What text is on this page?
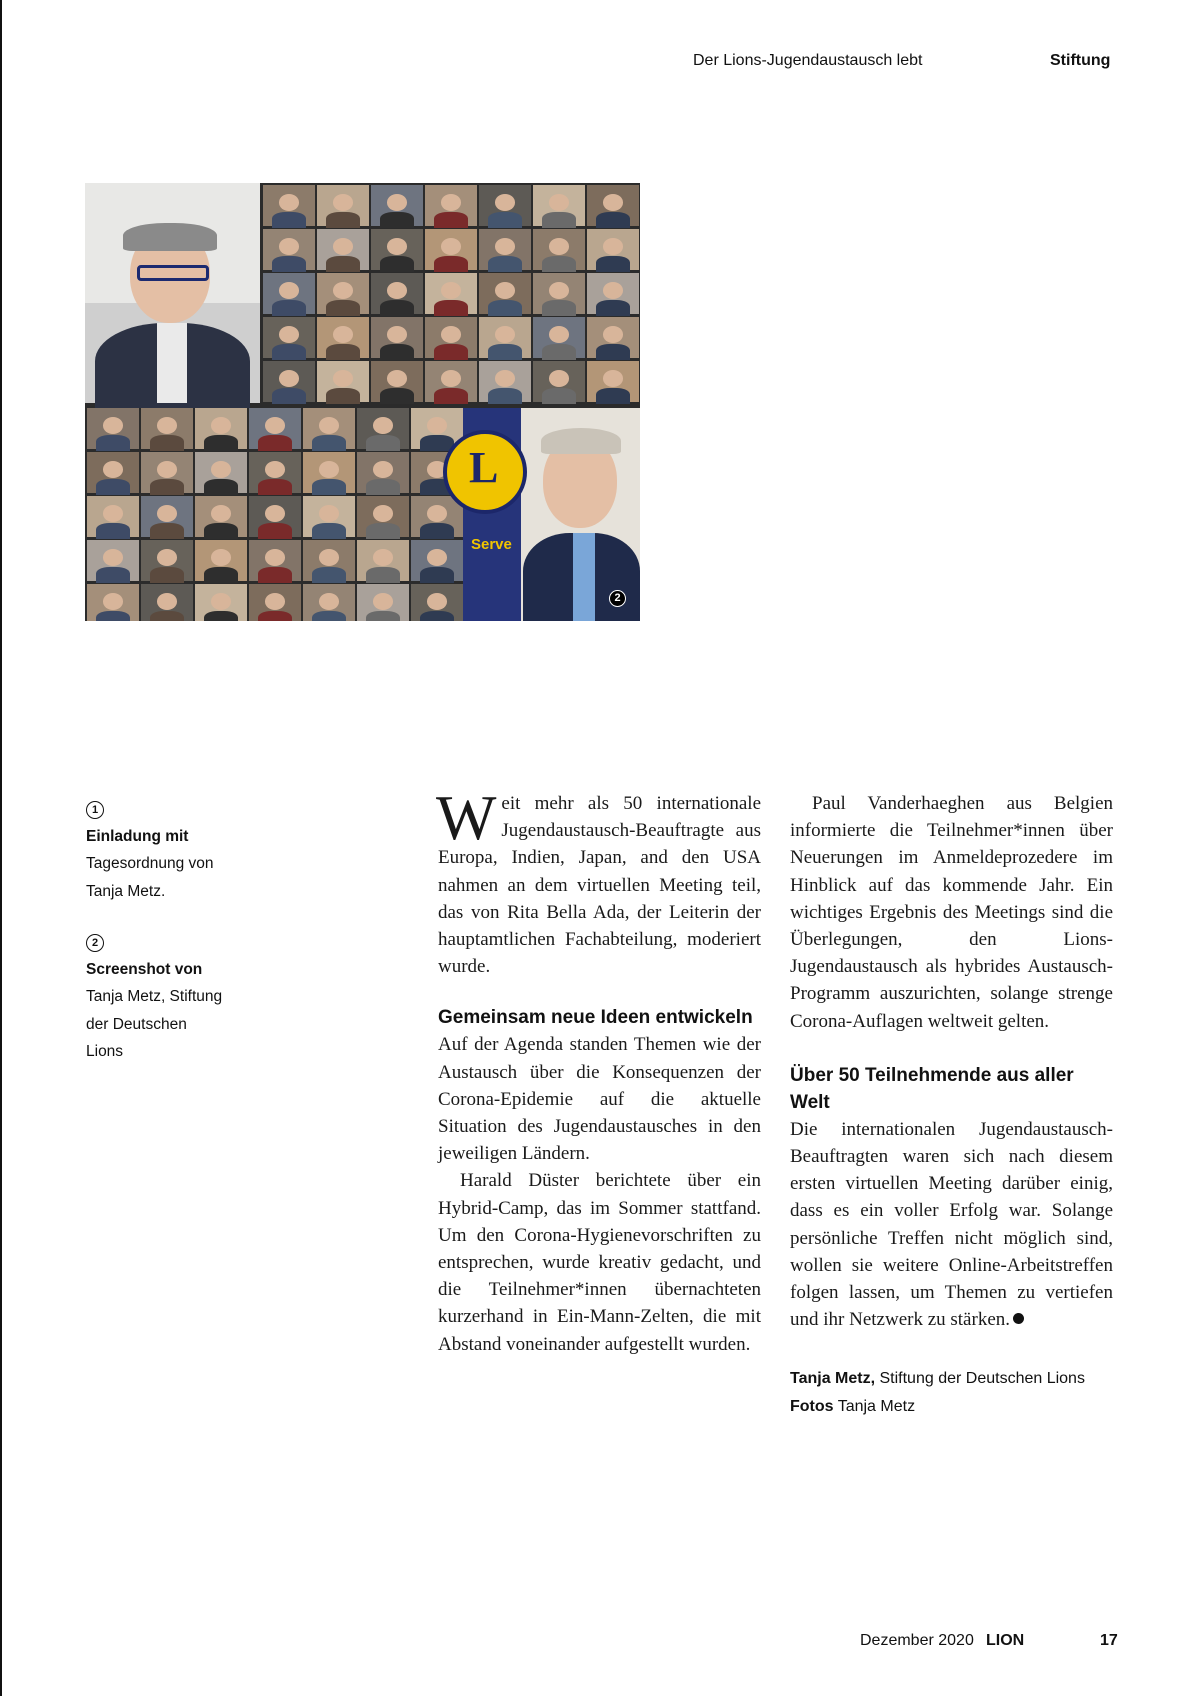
Der Lions-Jugendaustausch lebt	Stiftung
L
Serve
2
1
Einladung mit
Tagesordnung von
Tanja Metz.
2
Screenshot von
Tanja Metz, Stiftung
der Deutschen
Lions

Weit mehr als 50 internationale Jugendaustausch-Beauftragte aus Europa, Indien, Japan, and den USA nahmen an dem virtuellen Meeting teil, das von Rita Bella Ada, der Leiterin der hauptamtlichen Fachabteilung, moderiert wurde.

Gemeinsam neue Ideen entwickeln

Auf der Agenda standen Themen wie der Austausch über die Konsequenzen der Corona-Epidemie auf die aktuelle Situation des Jugendaustausches in den jeweiligen Ländern.

Harald Düster berichtete über ein Hybrid-Camp, das im Sommer stattfand. Um den Corona-Hygienevorschriften zu entsprechen, wurde kreativ gedacht, und die Teilnehmer*innen übernachteten kurzerhand in Ein-Mann-Zelten, die mit Abstand voneinander aufgestellt wurden.

Paul Vanderhaeghen aus Belgien informierte die Teilnehmer*innen über Neuerungen im Anmeldeprozedere im Hinblick auf das kommende Jahr. Ein wichtiges Ergebnis des Meetings sind die Überlegungen, den Lions-Jugendaustausch als hybrides Austausch-Programm auszurichten, solange strenge Corona-Auflagen weltweit gelten.

Über 50 Teilnehmende aus aller Welt

Die internationalen Jugendaustausch-Beauftragten waren sich nach diesem ersten virtuellen Meeting darüber einig, dass es ein voller Erfolg war. Solange persönliche Treffen nicht möglich sind, wollen sie weitere Online-Arbeitstreffen folgen lassen, um Themen zu vertiefen und ihr Netzwerk zu stärken.

Tanja Metz, Stiftung der Deutschen Lions
Fotos Tanja Metz
Dezember 2020 LION	17
